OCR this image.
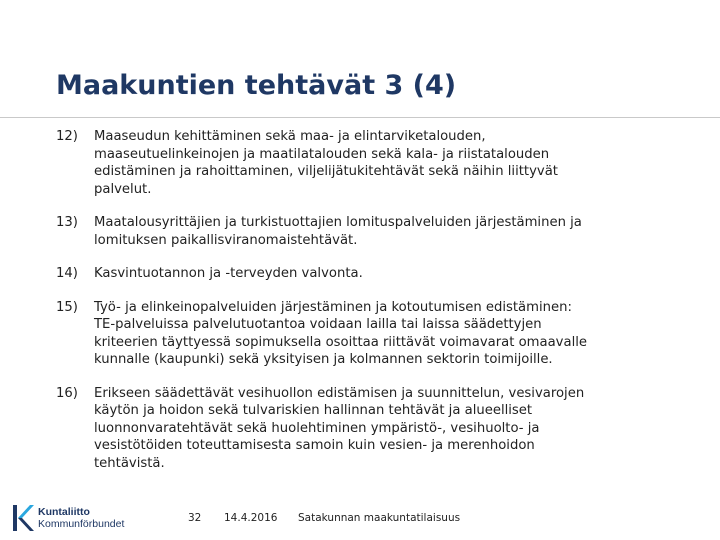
Maakuntien tehtävät 3 (4)
12)	Maaseudun kehittäminen sekä maa- ja elintarviketalouden,
maaseutuelinkeinojen ja maatilatalouden sekä kala- ja riistatalouden
edistäminen ja rahoittaminen, viljelijätukitehtävät sekä näihin liittyvät
palvelut.
13)	Maatalousyrittäjien ja turkistuottajien lomituspalveluiden järjestäminen ja
lomituksen paikallisviranomaistehtävät.
14)	Kasvintuotannon ja -terveyden valvonta.
15)	Työ- ja elinkeinopalveluiden järjestäminen ja kotoutumisen edistäminen:
TE-palveluissa palvelutuotantoa voidaan lailla tai laissa säädettyjen
kriteerien täyttyessä sopimuksella osoittaa riittävät voimavarat omaavalle
kunnalle (kaupunki) sekä yksityisen ja kolmannen sektorin toimijoille.
16)	Erikseen säädettävät vesihuollon edistämisen ja suunnittelun, vesivarojen
käytön ja hoidon sekä tulvariskien hallinnan tehtävät ja alueelliset
luonnonvaratehtävät sekä huolehtiminen ympäristö-, vesihuolto- ja
vesistötöiden toteuttamisesta samoin kuin vesien- ja merenhoidon
tehtävistä.
Kuntaliitto
Kommunförbundet	32 14.4.2016 Satakunnan maakuntatilaisuus
